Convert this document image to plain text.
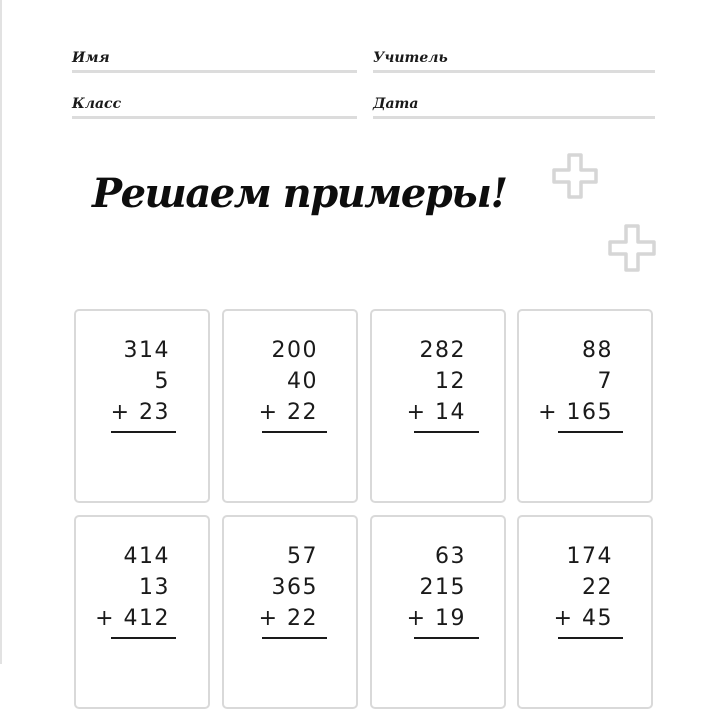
Имя	Учитель
Класс	Дата
Решаем примеры!
314
5
+ 23
200
40
+ 22
282
12
+ 14
88
7
+ 165
414
13
+ 412
57
365
+ 22
63
215
+ 19
174
22
+ 45
